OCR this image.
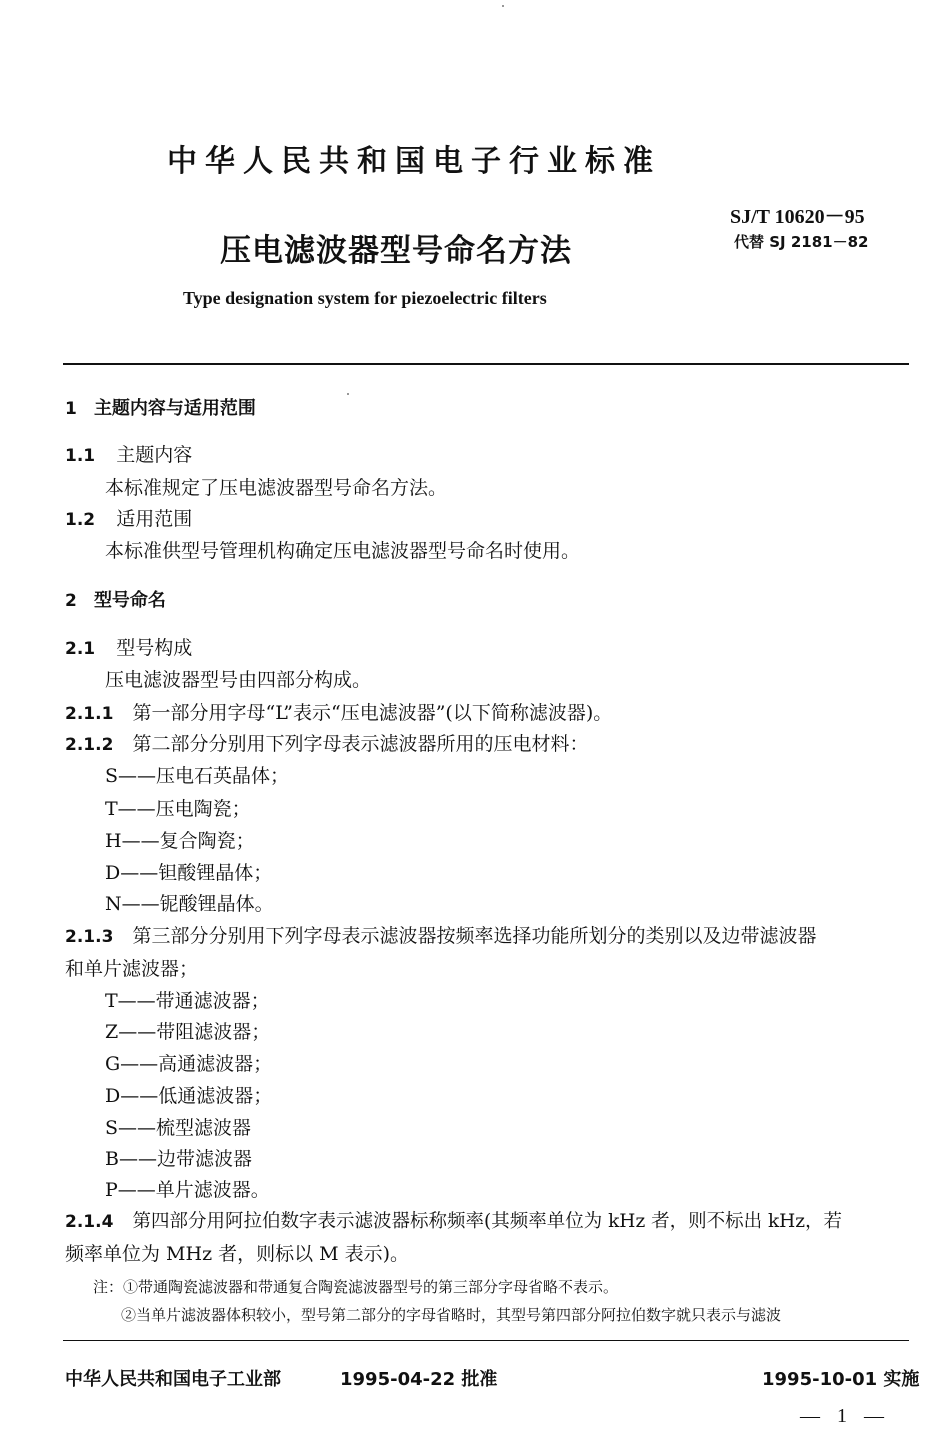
中华人民共和国电子行业标准
SJ/T 10620－95
代替 SJ 2181－82
压电滤波器型号命名方法
Type designation system for piezoelectric filters
1 主题内容与适用范围
1.1 主题内容
本标准规定了压电滤波器型号命名方法。
1.2 适用范围
本标准供型号管理机构确定压电滤波器型号命名时使用。
2 型号命名
2.1 型号构成
压电滤波器型号由四部分构成。
2.1.1 第一部分用字母“L”表示“压电滤波器”(以下简称滤波器)。
2.1.2 第二部分分别用下列字母表示滤波器所用的压电材料：
S——压电石英晶体；
T——压电陶瓷；
H——复合陶瓷；
D——钽酸锂晶体；
N——铌酸锂晶体。
2.1.3 第三部分分别用下列字母表示滤波器按频率选择功能所划分的类别以及边带滤波器
和单片滤波器；
T——带通滤波器；
Z——带阻滤波器；
G——高通滤波器；
D——低通滤波器；
S——梳型滤波器
B——边带滤波器
P——单片滤波器。
2.1.4 第四部分用阿拉伯数字表示滤波器标称频率(其频率单位为 kHz 者，则不标出 kHz，若
频率单位为 MHz 者，则标以 M 表示)。
注：①带通陶瓷滤波器和带通复合陶瓷滤波器型号的第三部分字母省略不表示。
②当单片滤波器体积较小，型号第二部分的字母省略时，其型号第四部分阿拉伯数字就只表示与滤波
中华人民共和国电子工业部	1995-04-22 批准	1995-10-01 实施
— 1 —
